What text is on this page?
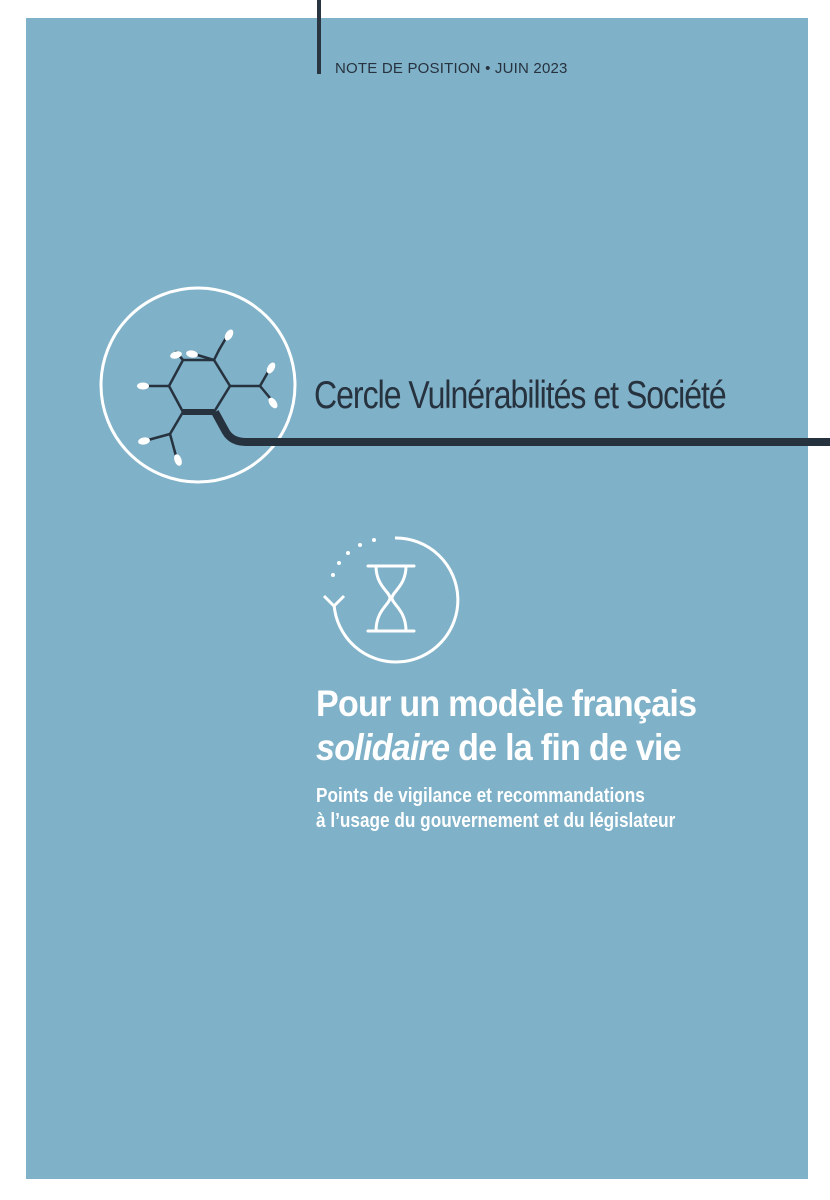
NOTE DE POSITION • JUIN 2023
Cercle Vulnérabilités et Société
Pour un modèle français
solidaire de la fin de vie
Points de vigilance et recommandations
à l’usage du gouvernement et du législateur
